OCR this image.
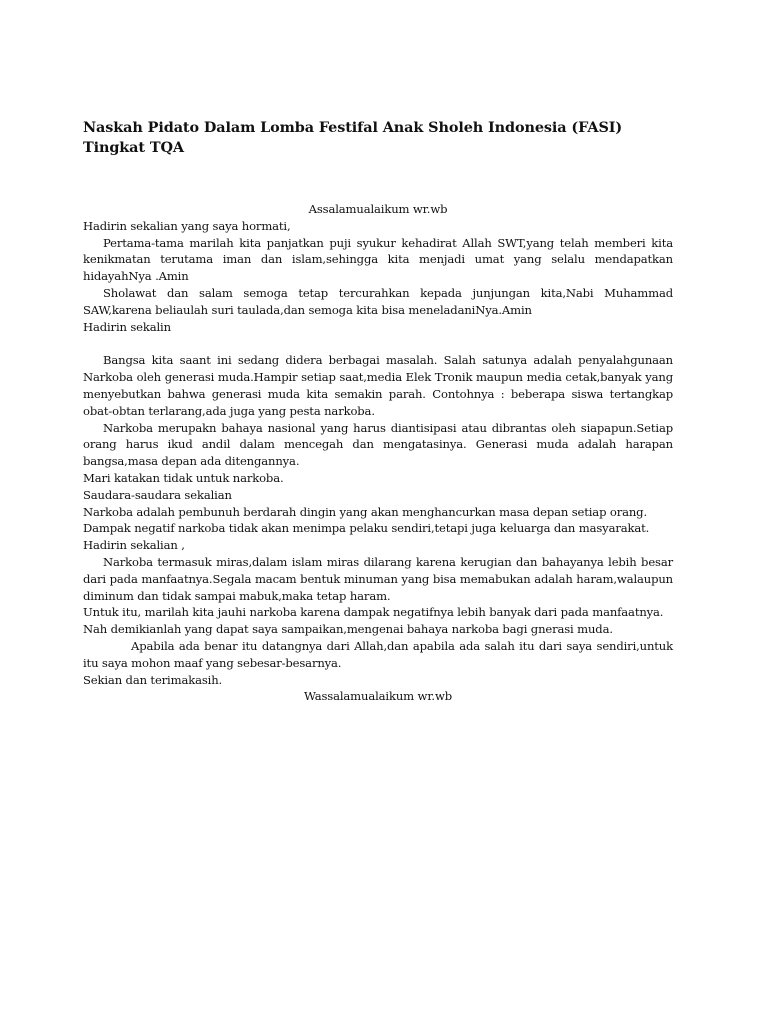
Naskah Pidato Dalam Lomba Festifal Anak Sholeh Indonesia (FASI) Tingkat TQA

Assalamualaikum wr.wb

Hadirin sekalian yang saya hormati,

Pertama-tama marilah kita panjatkan puji syukur kehadirat Allah SWT,yang telah memberi kita kenikmatan terutama iman dan islam,sehingga kita menjadi umat yang selalu mendapatkan hidayahNya .Amin

Sholawat dan salam semoga tetap tercurahkan kepada junjungan kita,Nabi Muhammad SAW,karena beliaulah suri taulada,dan semoga kita bisa meneladaniNya.Amin

Hadirin sekalin

Bangsa kita saant ini sedang didera berbagai masalah. Salah satunya adalah penyalahgunaan Narkoba oleh generasi muda.Hampir setiap saat,media Elek Tronik maupun media cetak,banyak yang menyebutkan bahwa generasi muda kita semakin parah. Contohnya : beberapa siswa tertangkap obat-obtan terlarang,ada juga yang pesta narkoba.

Narkoba merupakn bahaya nasional yang harus diantisipasi atau dibrantas oleh siapapun.Setiap orang harus ikud andil dalam mencegah dan mengatasinya. Generasi muda adalah harapan bangsa,masa depan ada ditengannya.

Mari katakan tidak untuk narkoba.

Saudara-saudara sekalian

Narkoba adalah pembunuh berdarah dingin yang akan menghancurkan masa depan setiap orang.

Dampak negatif narkoba tidak akan menimpa pelaku sendiri,tetapi juga keluarga dan masyarakat.

Hadirin sekalian ,

Narkoba termasuk miras,dalam islam miras dilarang karena kerugian dan bahayanya lebih besar dari pada manfaatnya.Segala macam bentuk minuman yang bisa memabukan adalah haram,walaupun diminum dan tidak sampai mabuk,maka tetap haram.

Untuk itu, marilah kita jauhi narkoba karena dampak negatifnya lebih banyak dari pada manfaatnya.

Nah demikianlah yang dapat saya sampaikan,mengenai bahaya narkoba bagi gnerasi muda.

Apabila ada benar itu datangnya dari Allah,dan apabila ada salah itu dari saya sendiri,untuk itu saya mohon maaf yang sebesar-besarnya.

Sekian dan terimakasih.

Wassalamualaikum wr.wb
